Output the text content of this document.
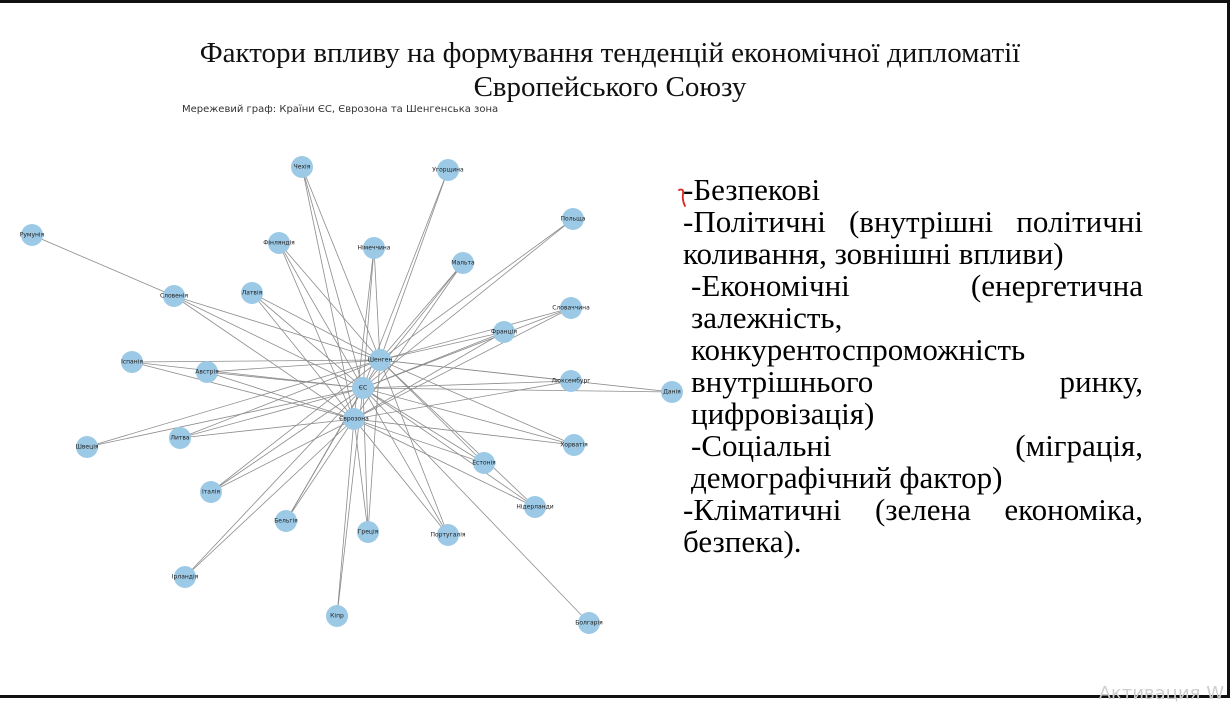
Фактори впливу на формування тенденцій економічної дипломатії
Європейського Союзу
Мережевий граф: Країни ЄС, Єврозона та Шенгенська зона
Шенген
ЄС
Єврозона
Чехія	Угорщина
Польща
Румунія
Фінляндія
Німеччина
Мальта
Словенія	Латвія
Словаччина
Франція
Іспанія
Австрія
Люксембург
Данія
Швеція
Литва
Хорватія
Естонія
Італія
Нідерланди
Бельгія
Греція	Португалія
Ірландія
Кіпр
Болгарія

-Безпекові

-Політичні (внутрішні політичні коливання, зовнішні впливи)

-Економічні (енергетична залежність, конкурентоспроможність внутрішнього ринку, цифровізація)

-Соціальні (міграція, демографічний фактор)

-Кліматичні (зелена економіка, безпека).

Активация W
